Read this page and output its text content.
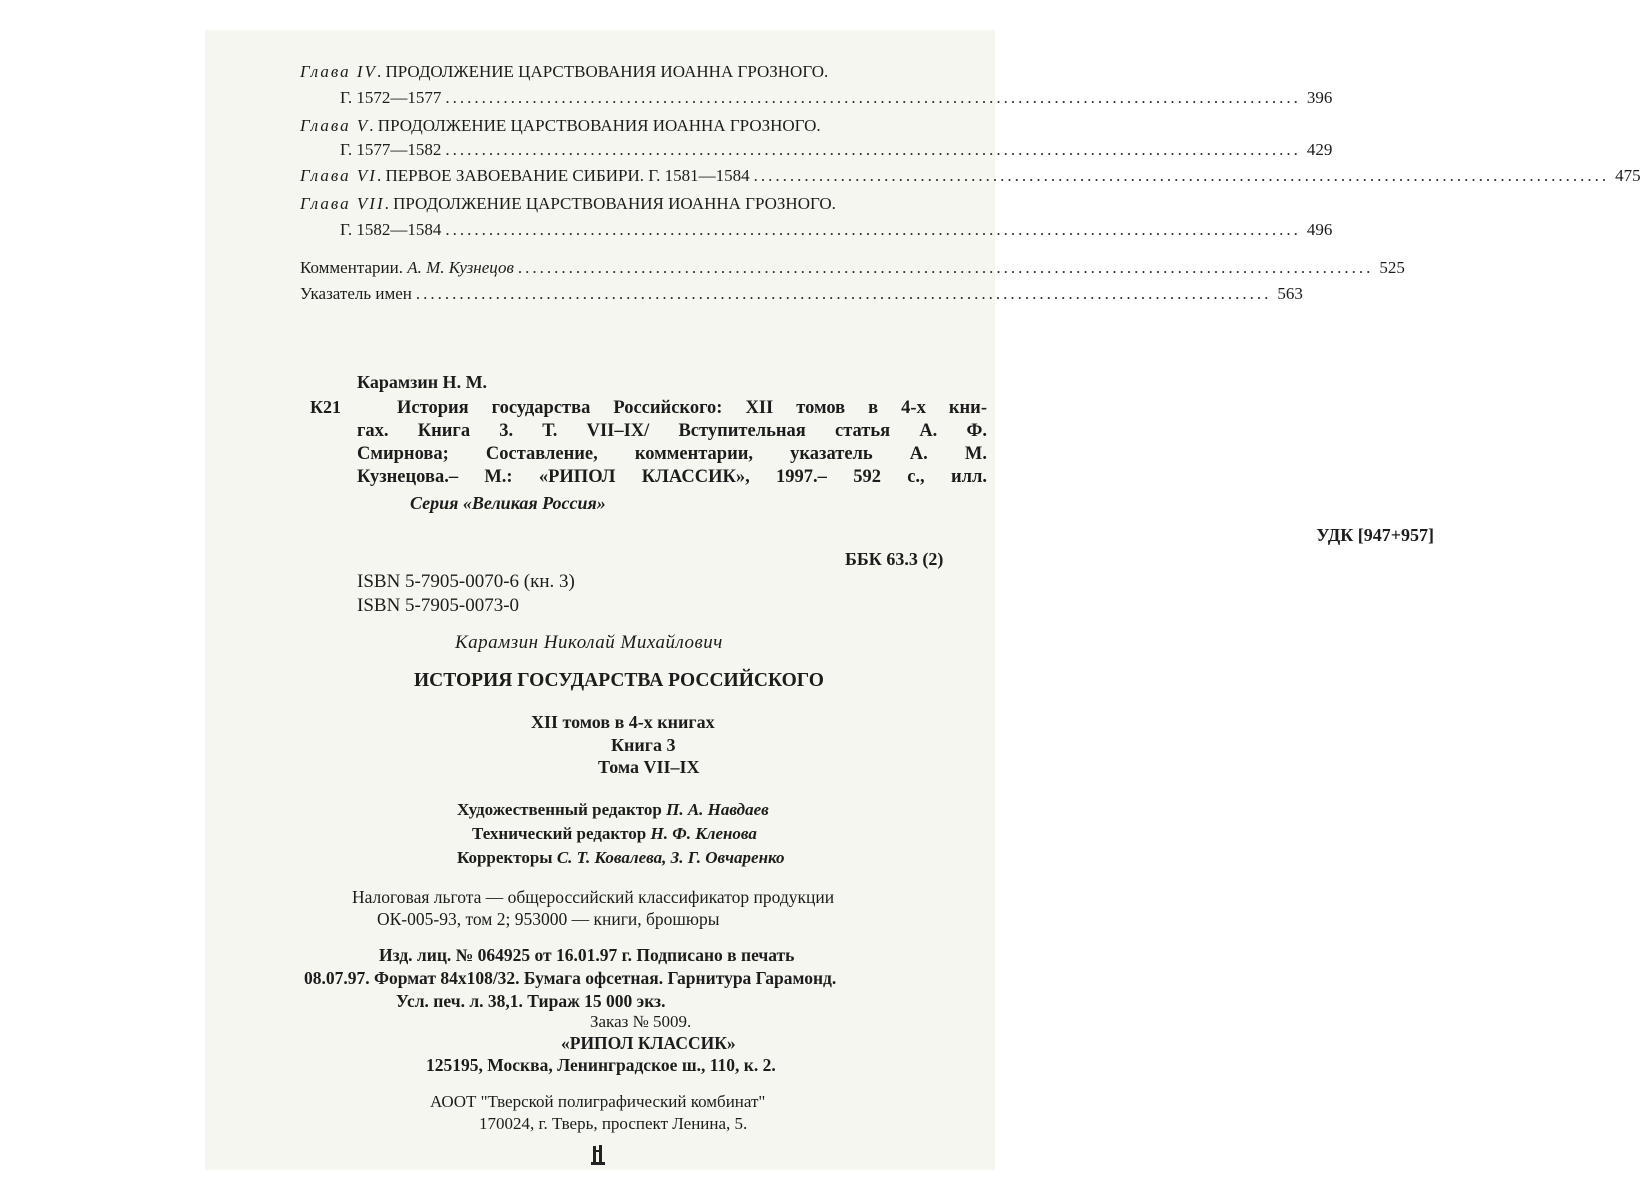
Глава IV. ПРОДОЛЖЕНИЕ ЦАРСТВОВАНИЯ ИОАННА ГРОЗНОГО.
Г. 1572—1577 ...................................................................................................................... 396
Глава V. ПРОДОЛЖЕНИЕ ЦАРСТВОВАНИЯ ИОАННА ГРОЗНОГО.
Г. 1577—1582 ...................................................................................................................... 429
Глава VI. ПЕРВОЕ ЗАВОЕВАНИЕ СИБИРИ. Г. 1581—1584 ...................................................................................................................... 475
Глава VII. ПРОДОЛЖЕНИЕ ЦАРСТВОВАНИЯ ИОАННА ГРОЗНОГО.
Г. 1582—1584 ...................................................................................................................... 496
Комментарии. А. М. Кузнецов ...................................................................................................................... 525
Указатель имен ...................................................................................................................... 563
Карамзин Н. М.
К21	История государства Российского: XII томов в 4-х кни-
гах. Книга 3. Т. VII–IX/ Вступительная статья А. Ф.
Смирнова; Составление, комментарии, указатель А. М.
Кузнецова.– М.: «РИПОЛ КЛАССИК», 1997.– 592 с., илл.
Серия «Великая Россия»
УДК [947+957]
ББК 63.3 (2)
ISBN 5-7905-0070-6 (кн. 3)
ISBN 5-7905-0073-0
Карамзин Николай Михайлович
ИСТОРИЯ ГОСУДАРСТВА РОССИЙСКОГО
XII томов в 4-х книгах
Книга 3
Тома VII–IX
Художественный редактор П. А. Навдаев
Технический редактор Н. Ф. Кленова
Корректоры С. Т. Ковалева, З. Г. Овчаренко
Налоговая льгота — общероссийский классификатор продукции
ОК-005-93, том 2; 953000 — книги, брошюры
Изд. лиц. № 064925 от 16.01.97 г. Подписано в печать
08.07.97. Формат 84x108/32. Бумага офсетная. Гарнитура Гарамонд.
Усл. печ. л. 38,1. Тираж 15 000 экз.
Заказ № 5009.
«РИПОЛ КЛАССИК»
125195, Москва, Ленинградское ш., 110, к. 2.
АООТ "Тверской полиграфический комбинат"
170024, г. Тверь, проспект Ленина, 5.
